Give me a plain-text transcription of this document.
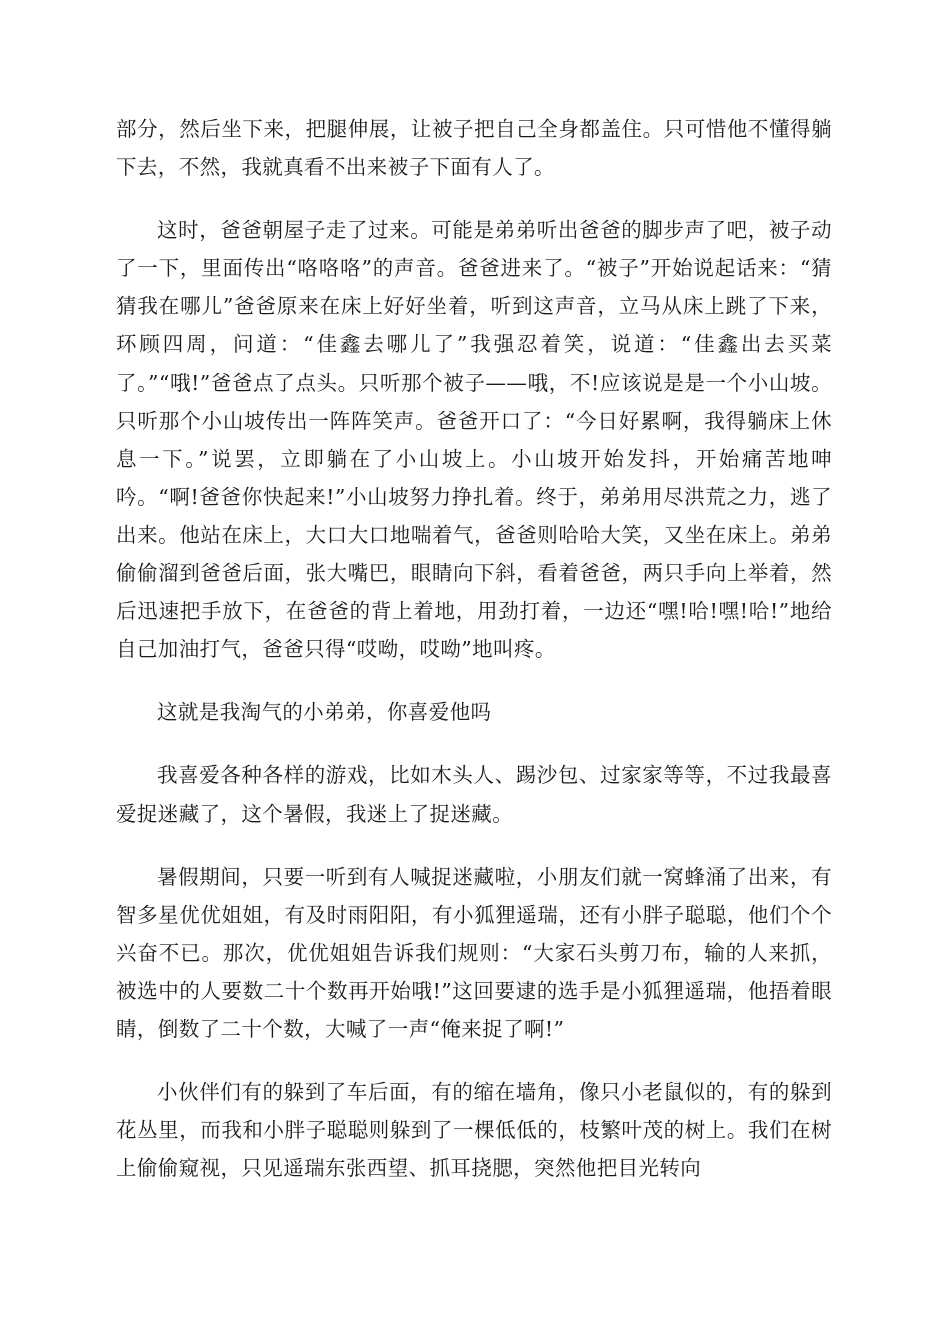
部分，然后坐下来，把腿伸展，让被子把自己全身都盖住。只可惜他不懂得躺下去，不然，我就真看不出来被子下面有人了。

这时，爸爸朝屋子走了过来。可能是弟弟听出爸爸的脚步声了吧，被子动了一下，里面传出“咯咯咯”的声音。爸爸进来了。“被子”开始说起话来：“猜猜我在哪儿”爸爸原来在床上好好坐着，听到这声音，立马从床上跳了下来，环顾四周，问道：“佳鑫去哪儿了”我强忍着笑，说道：“佳鑫出去买菜了。”“哦!”爸爸点了点头。只听那个被子——哦，不!应该说是是一个小山坡。只听那个小山坡传出一阵阵笑声。爸爸开口了：“今日好累啊，我得躺床上休息一下。”说罢，立即躺在了小山坡上。小山坡开始发抖，开始痛苦地呻吟。“啊!爸爸你快起来!”小山坡努力挣扎着。终于，弟弟用尽洪荒之力，逃了出来。他站在床上，大口大口地喘着气，爸爸则哈哈大笑，又坐在床上。弟弟偷偷溜到爸爸后面，张大嘴巴，眼睛向下斜，看着爸爸，两只手向上举着，然后迅速把手放下，在爸爸的背上着地，用劲打着，一边还“嘿!哈!嘿!哈!”地给自己加油打气，爸爸只得“哎呦，哎呦”地叫疼。

这就是我淘气的小弟弟，你喜爱他吗

我喜爱各种各样的游戏，比如木头人、踢沙包、过家家等等，不过我最喜爱捉迷藏了，这个暑假，我迷上了捉迷藏。

暑假期间，只要一听到有人喊捉迷藏啦，小朋友们就一窝蜂涌了出来，有智多星优优姐姐，有及时雨阳阳，有小狐狸遥瑞，还有小胖子聪聪，他们个个兴奋不已。那次，优优姐姐告诉我们规则：“大家石头剪刀布，输的人来抓，被选中的人要数二十个数再开始哦!”这回要逮的选手是小狐狸遥瑞，他捂着眼睛，倒数了二十个数，大喊了一声“俺来捉了啊!”

小伙伴们有的躲到了车后面，有的缩在墙角，像只小老鼠似的，有的躲到花丛里，而我和小胖子聪聪则躲到了一棵低低的，枝繁叶茂的树上。我们在树上偷偷窥视，只见遥瑞东张西望、抓耳挠腮，突然他把目光转向
